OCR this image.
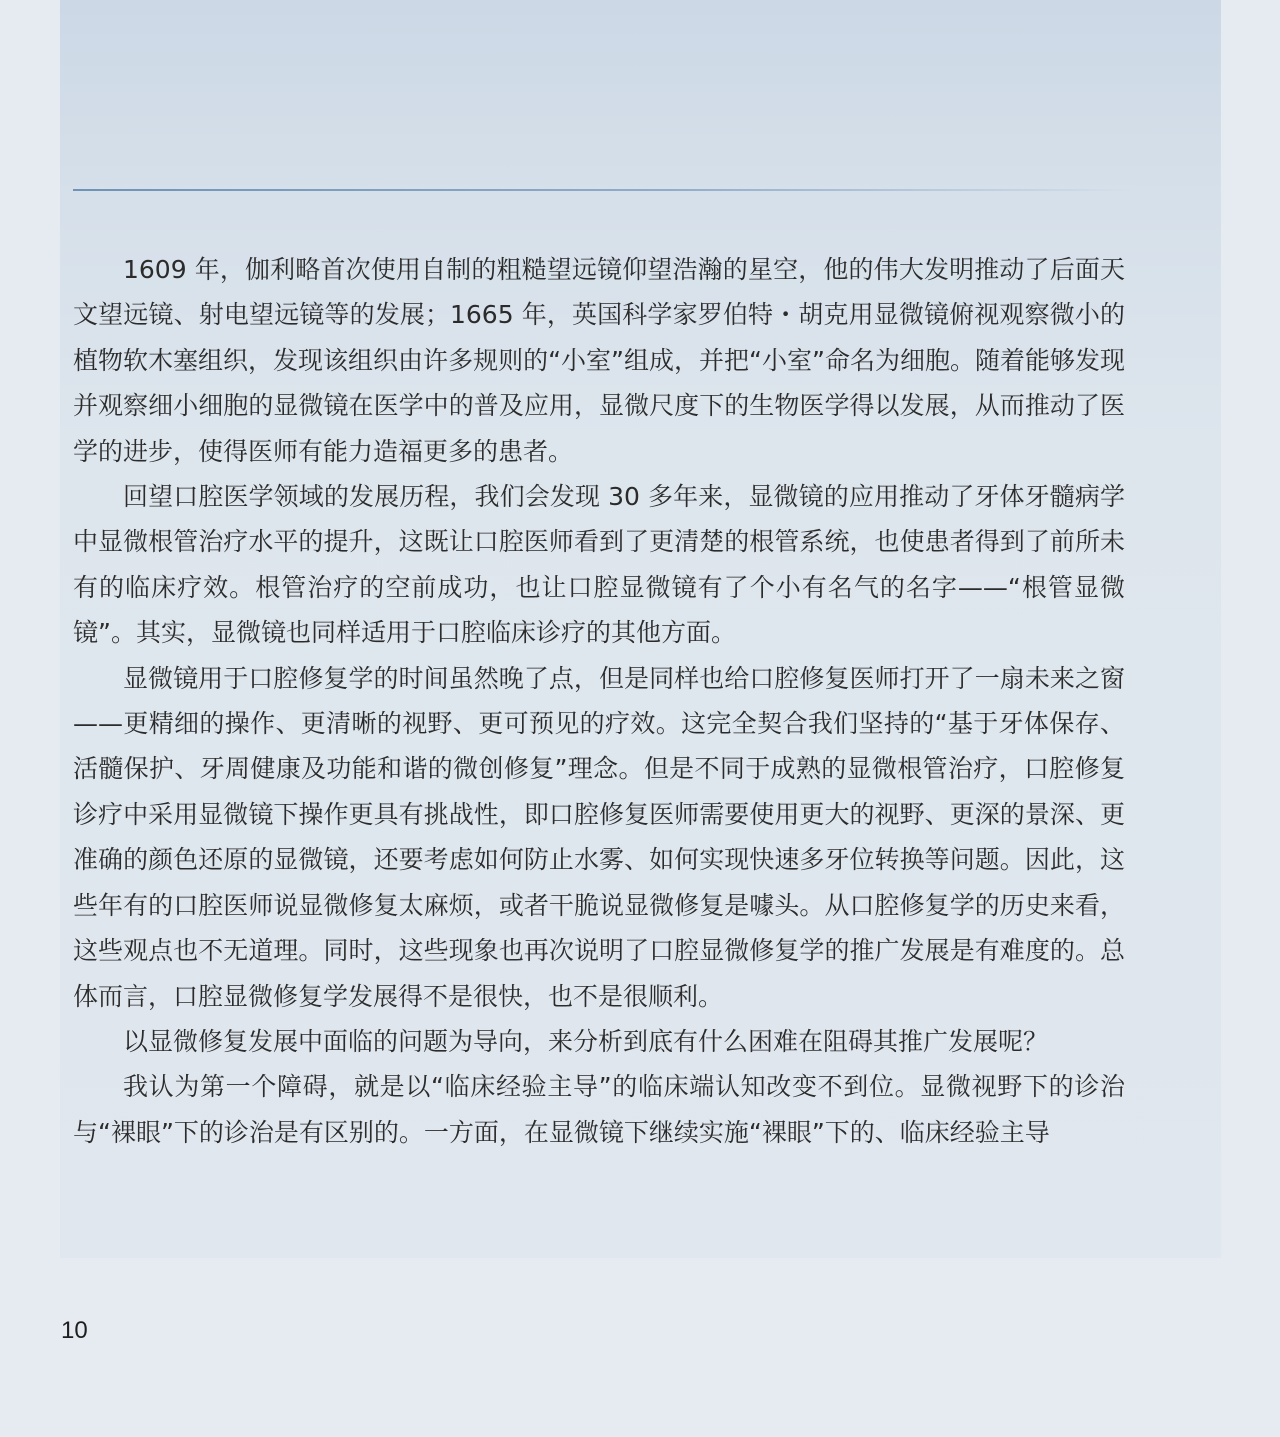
1609 年，伽利略首次使用自制的粗糙望远镜仰望浩瀚的星空，他的伟大发明推动了后面天文望远镜、射电望远镜等的发展；1665 年，英国科学家罗伯特・胡克用显微镜俯视观察微小的植物软木塞组织，发现该组织由许多规则的“小室”组成，并把“小室”命名为细胞。随着能够发现并观察细小细胞的显微镜在医学中的普及应用，显微尺度下的生物医学得以发展，从而推动了医学的进步，使得医师有能力造福更多的患者。

回望口腔医学领域的发展历程，我们会发现 30 多年来，显微镜的应用推动了牙体牙髓病学中显微根管治疗水平的提升，这既让口腔医师看到了更清楚的根管系统，也使患者得到了前所未有的临床疗效。根管治疗的空前成功，也让口腔显微镜有了个小有名气的名字——“根管显微镜”。其实，显微镜也同样适用于口腔临床诊疗的其他方面。

显微镜用于口腔修复学的时间虽然晚了点，但是同样也给口腔修复医师打开了一扇未来之窗——更精细的操作、更清晰的视野、更可预见的疗效。这完全契合我们坚持的“基于牙体保存、活髓保护、牙周健康及功能和谐的微创修复”理念。但是不同于成熟的显微根管治疗，口腔修复诊疗中采用显微镜下操作更具有挑战性，即口腔修复医师需要使用更大的视野、更深的景深、更准确的颜色还原的显微镜，还要考虑如何防止水雾、如何实现快速多牙位转换等问题。因此，这些年有的口腔医师说显微修复太麻烦，或者干脆说显微修复是噱头。从口腔修复学的历史来看，这些观点也不无道理。同时，这些现象也再次说明了口腔显微修复学的推广发展是有难度的。总体而言，口腔显微修复学发展得不是很快，也不是很顺利。

以显微修复发展中面临的问题为导向，来分析到底有什么困难在阻碍其推广发展呢？

我认为第一个障碍，就是以“临床经验主导”的临床端认知改变不到位。显微视野下的诊治与“裸眼”下的诊治是有区别的。一方面，在显微镜下继续实施“裸眼”下的、临床经验主导

10
